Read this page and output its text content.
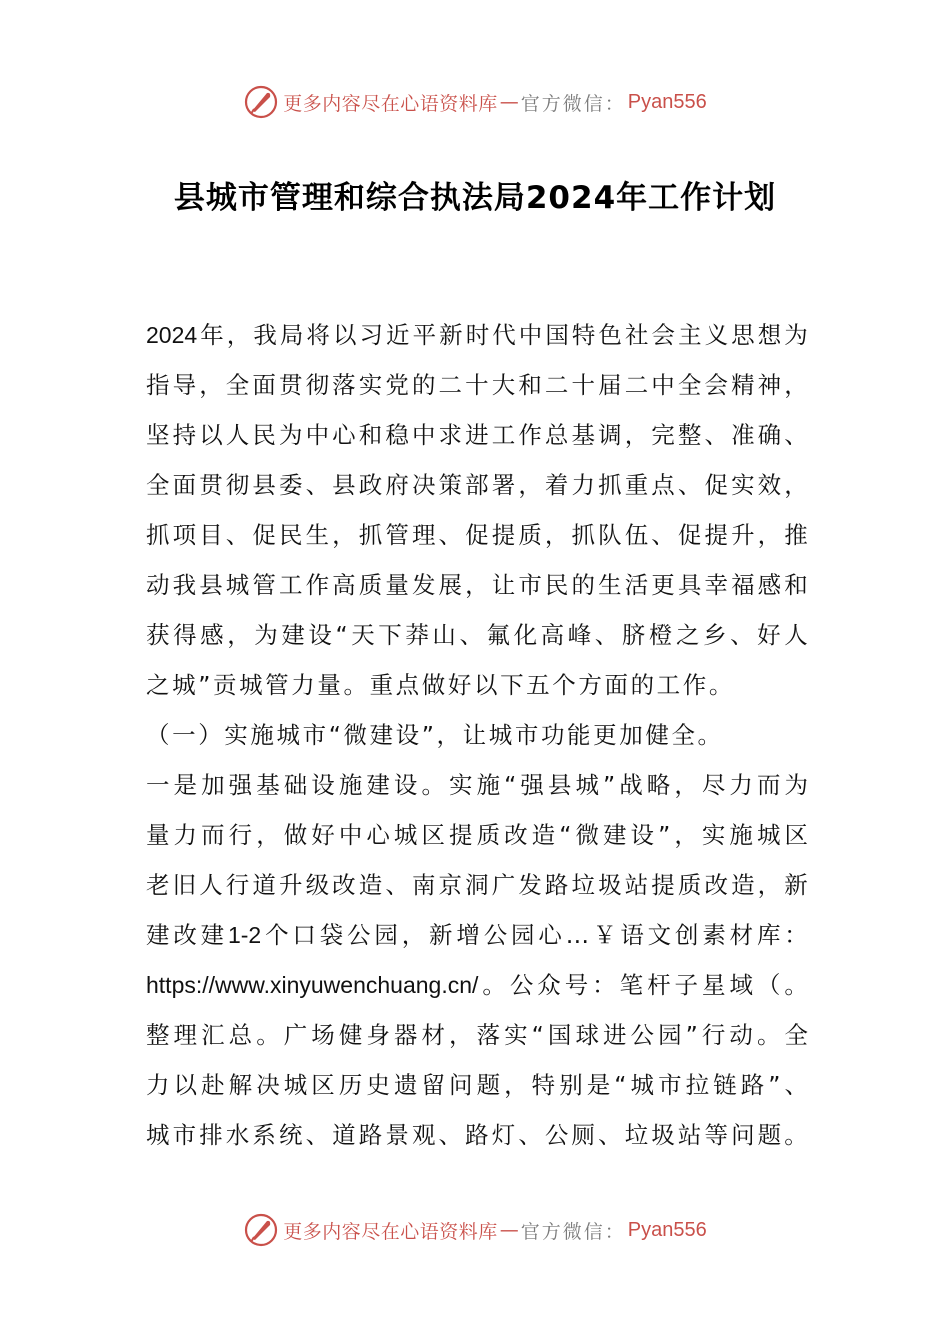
更多内容尽在心语资料库 — 官方微信： Pyan556
县城市管理和综合执法局2024年工作计划
2024 年 ， 我 局 将 以 习 近 平 新 时 代 中 国 特 色 社 会 主 义 思 想 为
指 导 ， 全 面 贯 彻 落 实 党 的 二 十 大 和 二 十 届 二 中 全 会 精 神 ，
坚 持 以 人 民 为 中 心 和 稳 中 求 进 工 作 总 基 调 ， 完 整 、 准 确 、
全 面 贯 彻 县 委 、 县 政 府 决 策 部 署 ， 着 力 抓 重 点 、 促 实 效 ，
抓 项 目 、 促 民 生 ， 抓 管 理 、 促 提 质 ， 抓 队 伍 、 促 提 升 ， 推
动 我 县 城 管 工 作 高 质 量 发 展 ， 让 市 民 的 生 活 更 具 幸 福 感 和
获 得 感 ， 为 建 设 “ 天 下 莽 山 、 氟 化 高 峰 、 脐 橙 之 乡 、 好 人
之城”贡城管力量。重点做好以下五个方面的工作。
（一）实施城市“微建设”，让城市功能更加健全。
一 是 加 强 基 础 设 施 建 设 。 实 施 “ 强 县 城 ” 战 略 ， 尽 力 而 为
量 力 而 行 ， 做 好 中 心 城 区 提 质 改 造 “ 微 建 设 ” ， 实 施 城 区
老 旧 人 行 道 升 级 改 造 、 南 京 洞 广 发 路 垃 圾 站 提 质 改 造 ， 新
建 改 建 1-2 个 口 袋 公 园 ， 新 增 公 园 心 … ￥ 语 文 创 素 材 库 ：
https://www.xinyuwenchuang.cn/ 。 公 众 号 ： 笔 杆 子 星 域 （ 。
整 理 汇 总 。 广 场 健 身 器 材 ， 落 实 “ 国 球 进 公 园 ” 行 动 。 全
力 以 赴 解 决 城 区 历 史 遗 留 问 题 ， 特 别 是 “ 城 市 拉 链 路 ” 、
城 市 排 水 系 统 、 道 路 景 观 、 路 灯 、 公 厕 、 垃 圾 站 等 问 题 。
更多内容尽在心语资料库 — 官方微信： Pyan556
